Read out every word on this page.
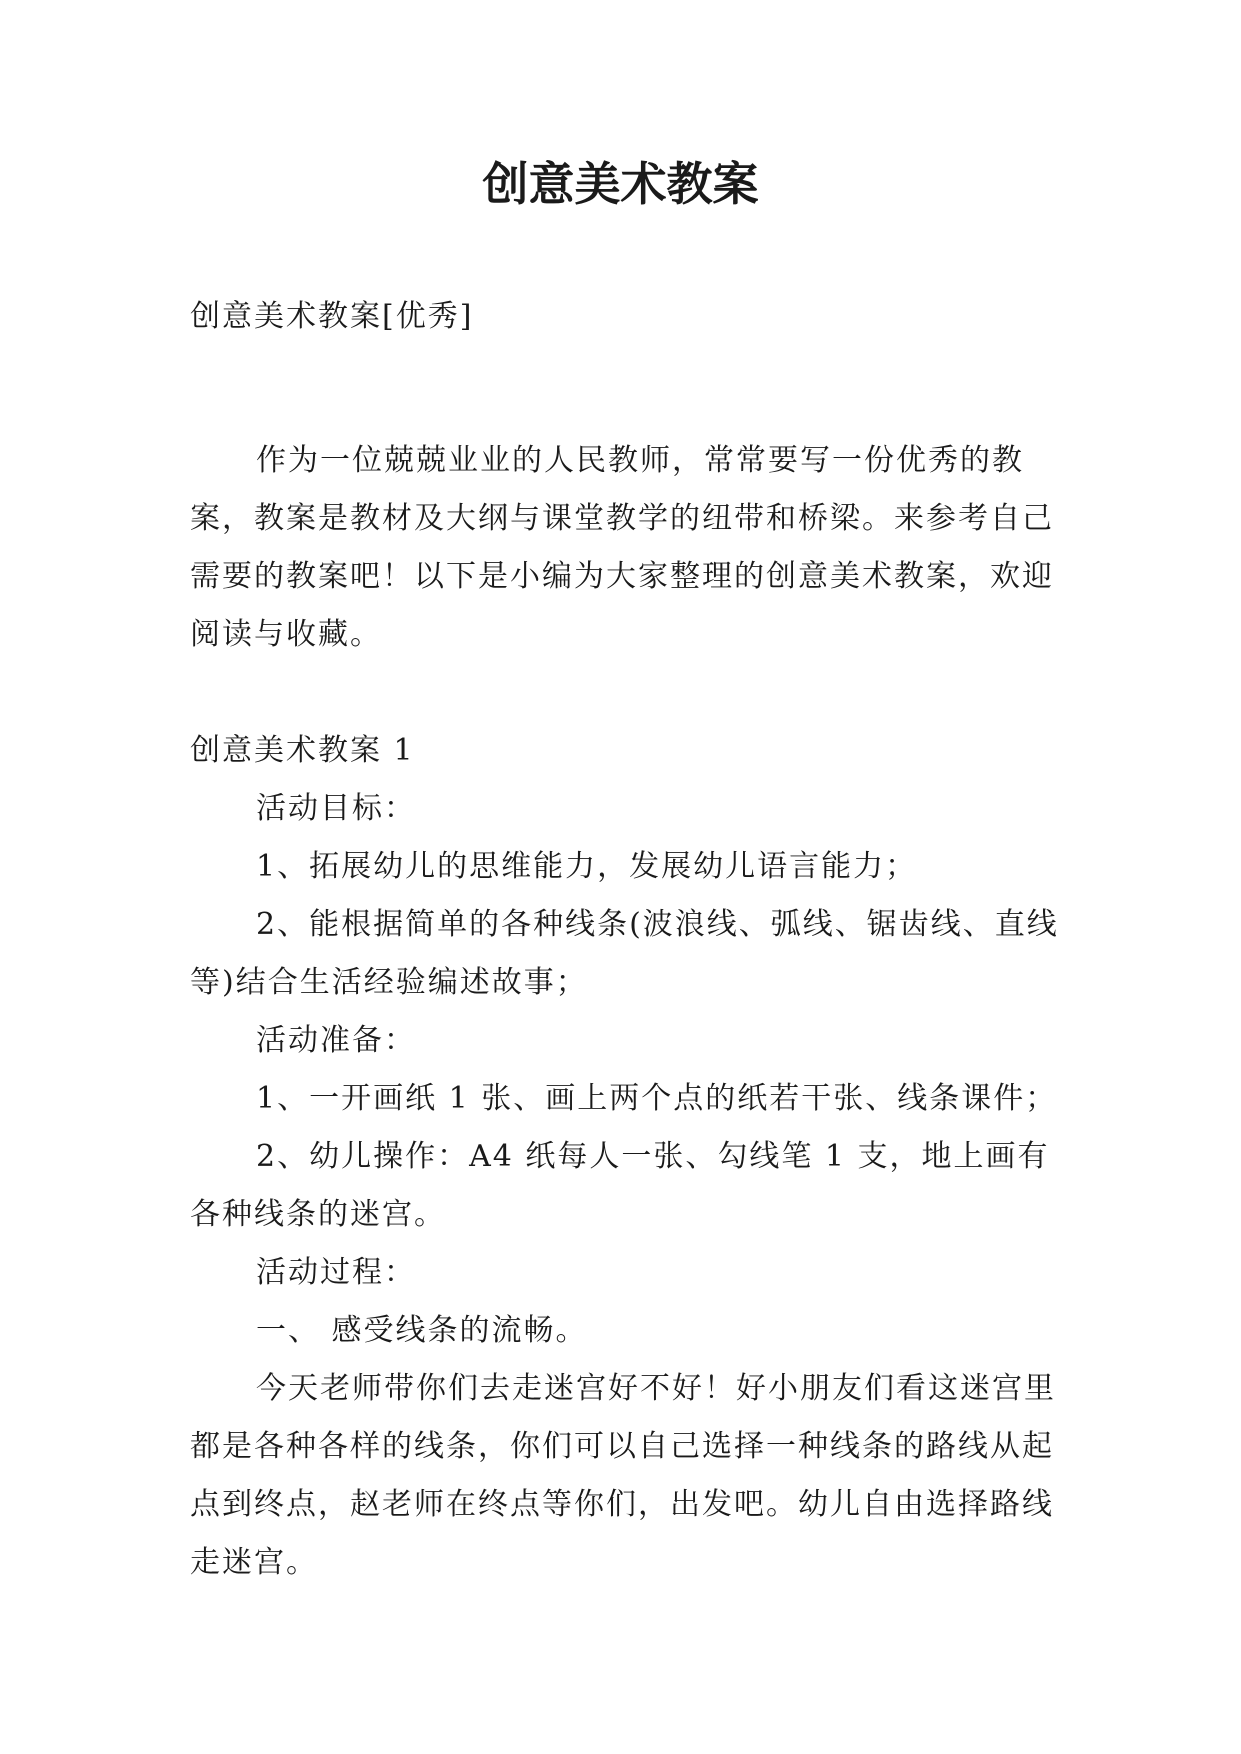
创意美术教案

创意美术教案[优秀]

作为一位兢兢业业的人民教师，常常要写一份优秀的教案，教案是教材及大纲与课堂教学的纽带和桥梁。来参考自己需要的教案吧！以下是小编为大家整理的创意美术教案，欢迎阅读与收藏。

创意美术教案 1

活动目标：

1、拓展幼儿的思维能力，发展幼儿语言能力；

2、能根据简单的各种线条(波浪线、弧线、锯齿线、直线等)结合生活经验编述故事；

活动准备：

1、一开画纸 1 张、画上两个点的纸若干张、线条课件；

2、幼儿操作：A4 纸每人一张、勾线笔 1 支，地上画有各种线条的迷宫。

活动过程：

一、 感受线条的流畅。

今天老师带你们去走迷宫好不好！好小朋友们看这迷宫里都是各种各样的线条，你们可以自己选择一种线条的路线从起点到终点，赵老师在终点等你们，出发吧。幼儿自由选择路线走迷宫。
